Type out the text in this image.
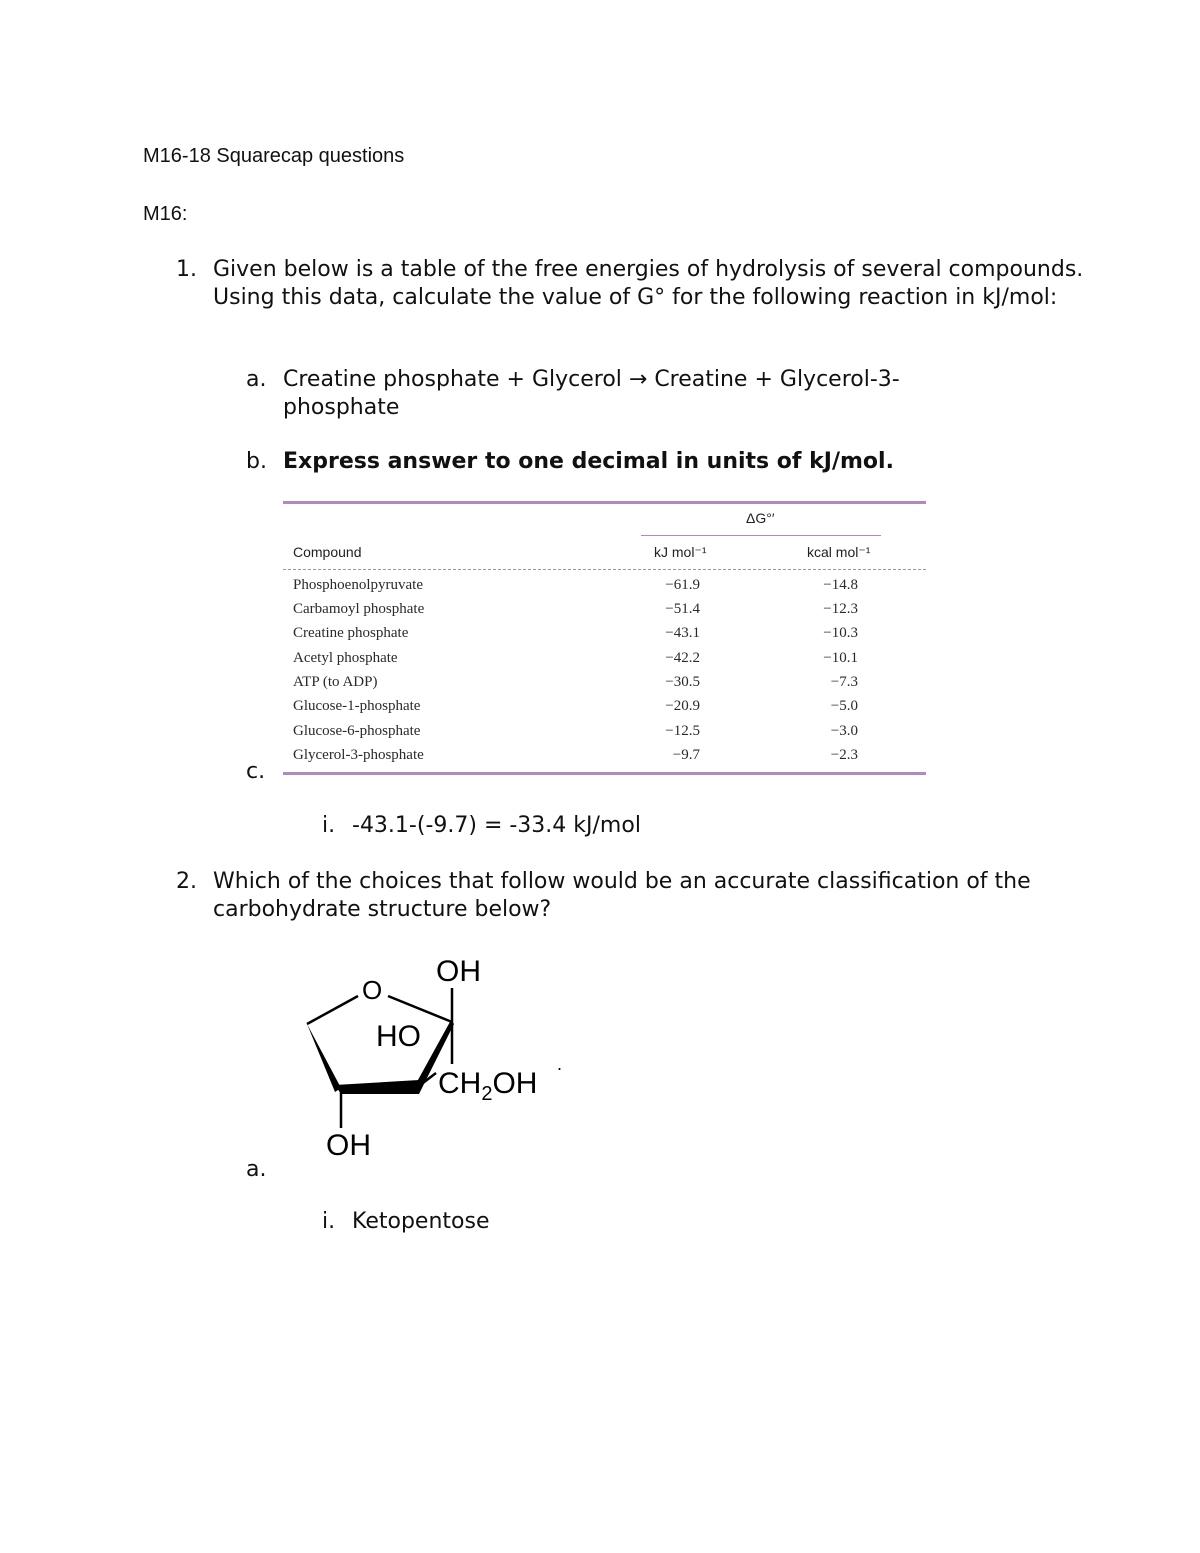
M16-18 Squarecap questions
M16:
1. Given below is a table of the free energies of hydrolysis of several compounds. Using this data, calculate the value of G° for the following reaction in kJ/mol:
a. Creatine phosphate + Glycerol → Creatine + Glycerol-3-phosphate
b. Express answer to one decimal in units of kJ/mol.
ΔG°′
Compound	kJ mol⁻¹	kcal mol⁻¹
Phosphoenolpyruvate	−61.9	−14.8
Carbamoyl phosphate	−51.4	−12.3
Creatine phosphate	−43.1	−10.3
Acetyl phosphate	−42.2	−10.1
ATP (to ADP)	−30.5	−7.3
Glucose-1-phosphate	−20.9	−5.0
Glucose-6-phosphate	−12.5	−3.0
Glycerol-3-phosphate	−9.7	−2.3
c.
i. -43.1-(-9.7) = -33.4 kJ/mol
2. Which of the choices that follow would be an accurate classification of the carbohydrate structure below?
O
OH
HO
$CH_2OH$
.
OH
a.
i. Ketopentose
